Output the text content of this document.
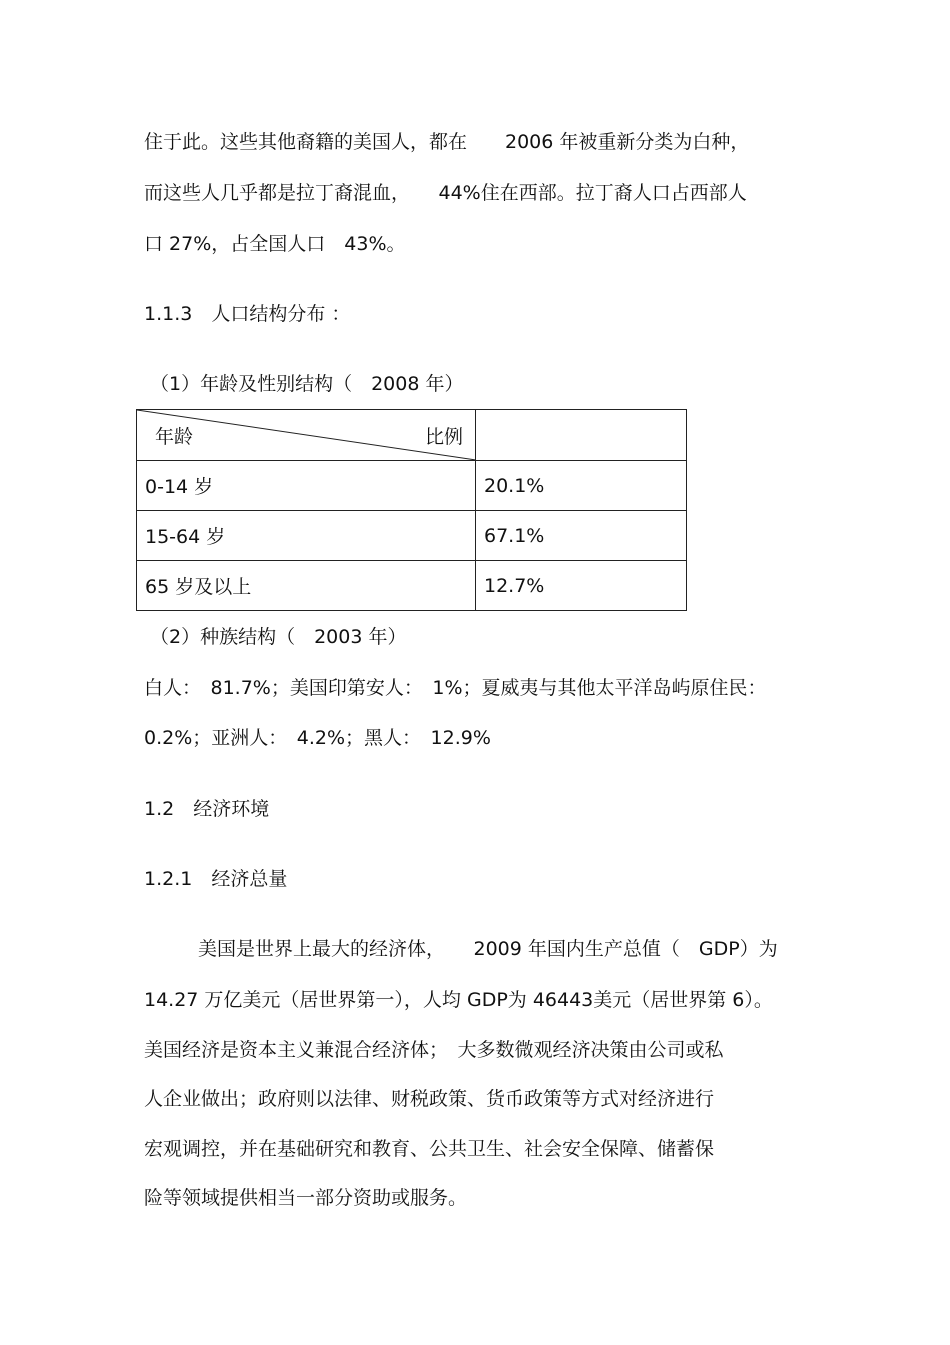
住于此。这些其他裔籍的美国人，都在　　2006 年被重新分类为白种，
而这些人几乎都是拉丁裔混血，　　44%住在西部。拉丁裔人口占西部人
口 27%，占全国人口　43%。
1.1.3　人口结构分布 ：
（1）年龄及性别结构（　2008 年）
年龄 比例	

0-14 岁	20.1%
15-64 岁	67.1%
65 岁及以上	12.7%
（2）种族结构（　2003 年）
白人：　81.7%；美国印第安人：　1%；夏威夷与其他太平洋岛屿原住民：
0.2%；亚洲人：　4.2%；黑人：　12.9%
1.2　经济环境
1.2.1　经济总量
美国是世界上最大的经济体，　　2009 年国内生产总值（　GDP）为
14.27 万亿美元（居世界第一），人均 GDP为 46443美元（居世界第 6）。
美国经济是资本主义兼混合经济体；　大多数微观经济决策由公司或私
人企业做出；政府则以法律、财税政策、货币政策等方式对经济进行
宏观调控，并在基础研究和教育、公共卫生、社会安全保障、储蓄保
险等领域提供相当一部分资助或服务。
